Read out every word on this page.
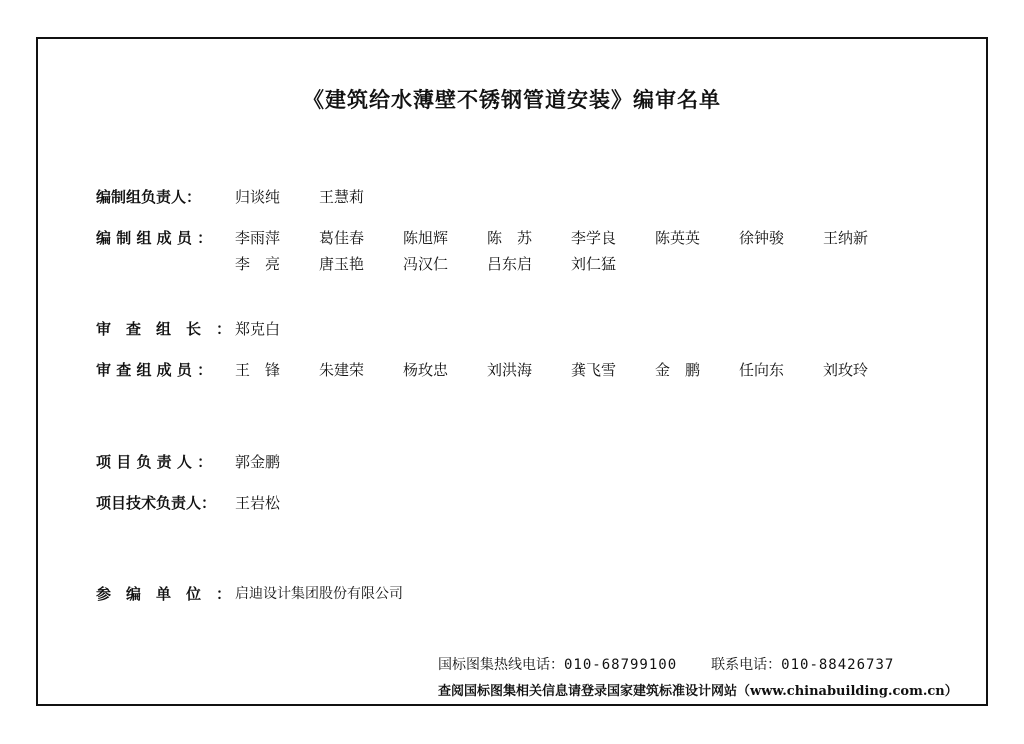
《建筑给水薄壁不锈钢管道安装》编审名单
编制组负责人： 归谈纯	王慧莉
编 制 组 成 员 ： 李雨萍	葛佳春	陈旭辉	陈　苏	李学良	陈英英	徐钟骏	王纳新
李　亮	唐玉艳	冯汉仁	吕东启	刘仁猛
审　查　组　长　： 郑克白
审 查 组 成 员 ： 王　锋	朱建荣	杨玫忠	刘洪海	龚飞雪	金　鹏	任向东	刘玫玲
项 目 负 责 人 ： 郭金鹏
项目技术负责人： 王岩松
参　编　单　位　： 启迪设计集团股份有限公司
国标图集热线电话：010-68799100 联系电话：010-88426737
查阅国标图集相关信息请登录国家建筑标准设计网站（www.chinabuilding.com.cn）
